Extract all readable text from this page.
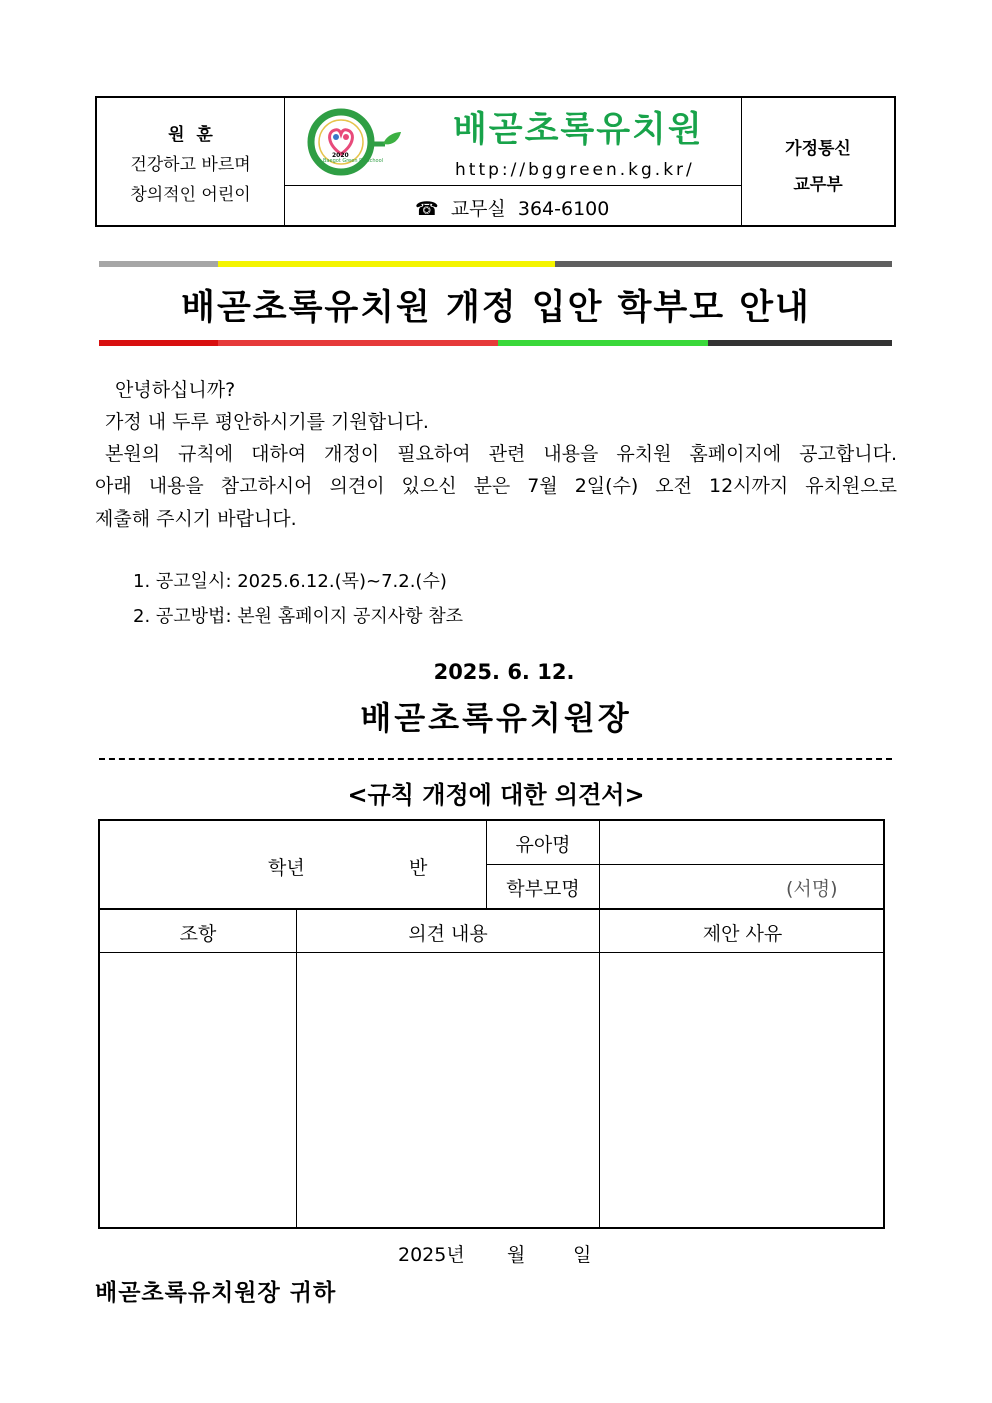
원  훈
건강하고 바르며
창의적인 어린이
Baegot Green Preschool
2020
배곧초록유치원
http://bggreen.kg.kr/
☎ 교무실  364-6100
가정통신
교무부
배곧초록유치원 개정 입안 학부모 안내
안녕하십니까?
가정 내 두루 평안하시기를 기원합니다.
본원의 규칙에 대하여 개정이 필요하여 관련 내용을 유치원 홈페이지에 공고합니다.
아래 내용을 참고하시어 의견이 있으신 분은 7월 2일(수) 오전 12시까지 유치원으로
제출해 주시기 바랍니다.
1. 공고일시: 2025.6.12.(목)~7.2.(수)
2. 공고방법: 본원 홈페이지 공지사항 참조
2025. 6. 12.
배곧초록유치원장
<규칙 개정에 대한 의견서>
학년	반
유아명
학부모명	(서명)
조항	의견 내용	제안 사유
2025년 월	일
배곧초록유치원장 귀하
